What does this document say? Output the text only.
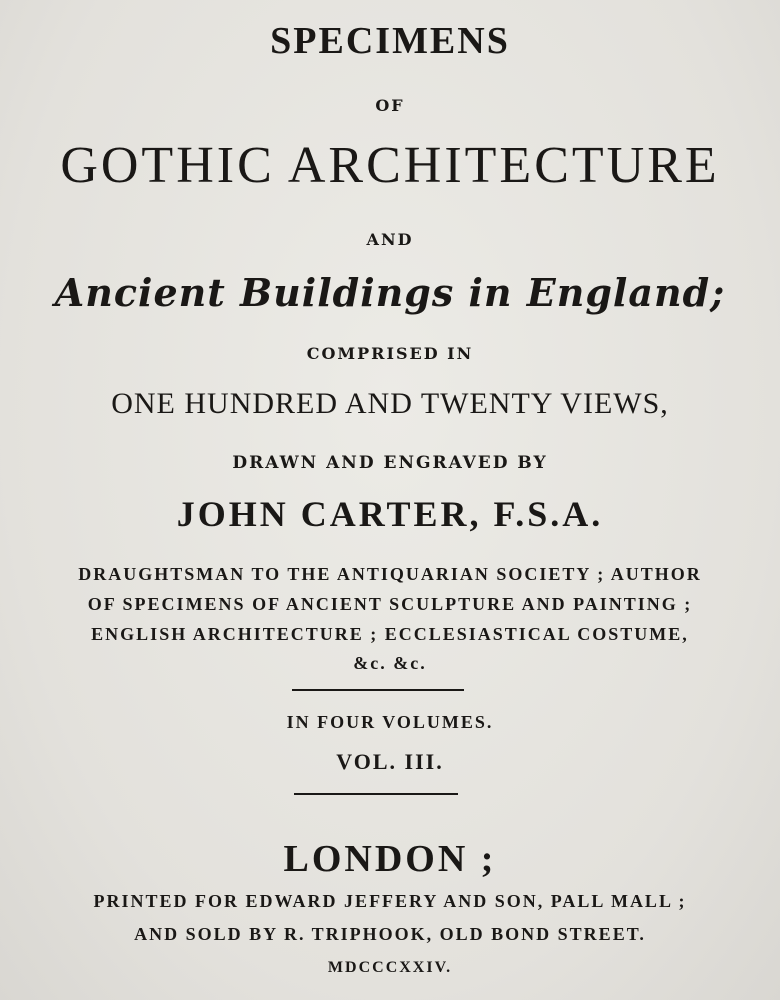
SPECIMENS
OF
GOTHIC ARCHITECTURE
AND
Ancient Buildings in England;
COMPRISED IN
ONE HUNDRED AND TWENTY VIEWS,
DRAWN AND ENGRAVED BY
JOHN CARTER, F.S.A.
DRAUGHTSMAN TO THE ANTIQUARIAN SOCIETY ; AUTHOR
OF SPECIMENS OF ANCIENT SCULPTURE AND PAINTING ;
ENGLISH ARCHITECTURE ; ECCLESIASTICAL COSTUME,
&c. &c.
IN FOUR VOLUMES.
VOL. III.
LONDON ;
PRINTED FOR EDWARD JEFFERY AND SON, PALL MALL ;
AND SOLD BY R. TRIPHOOK, OLD BOND STREET.
MDCCCXXIV.
